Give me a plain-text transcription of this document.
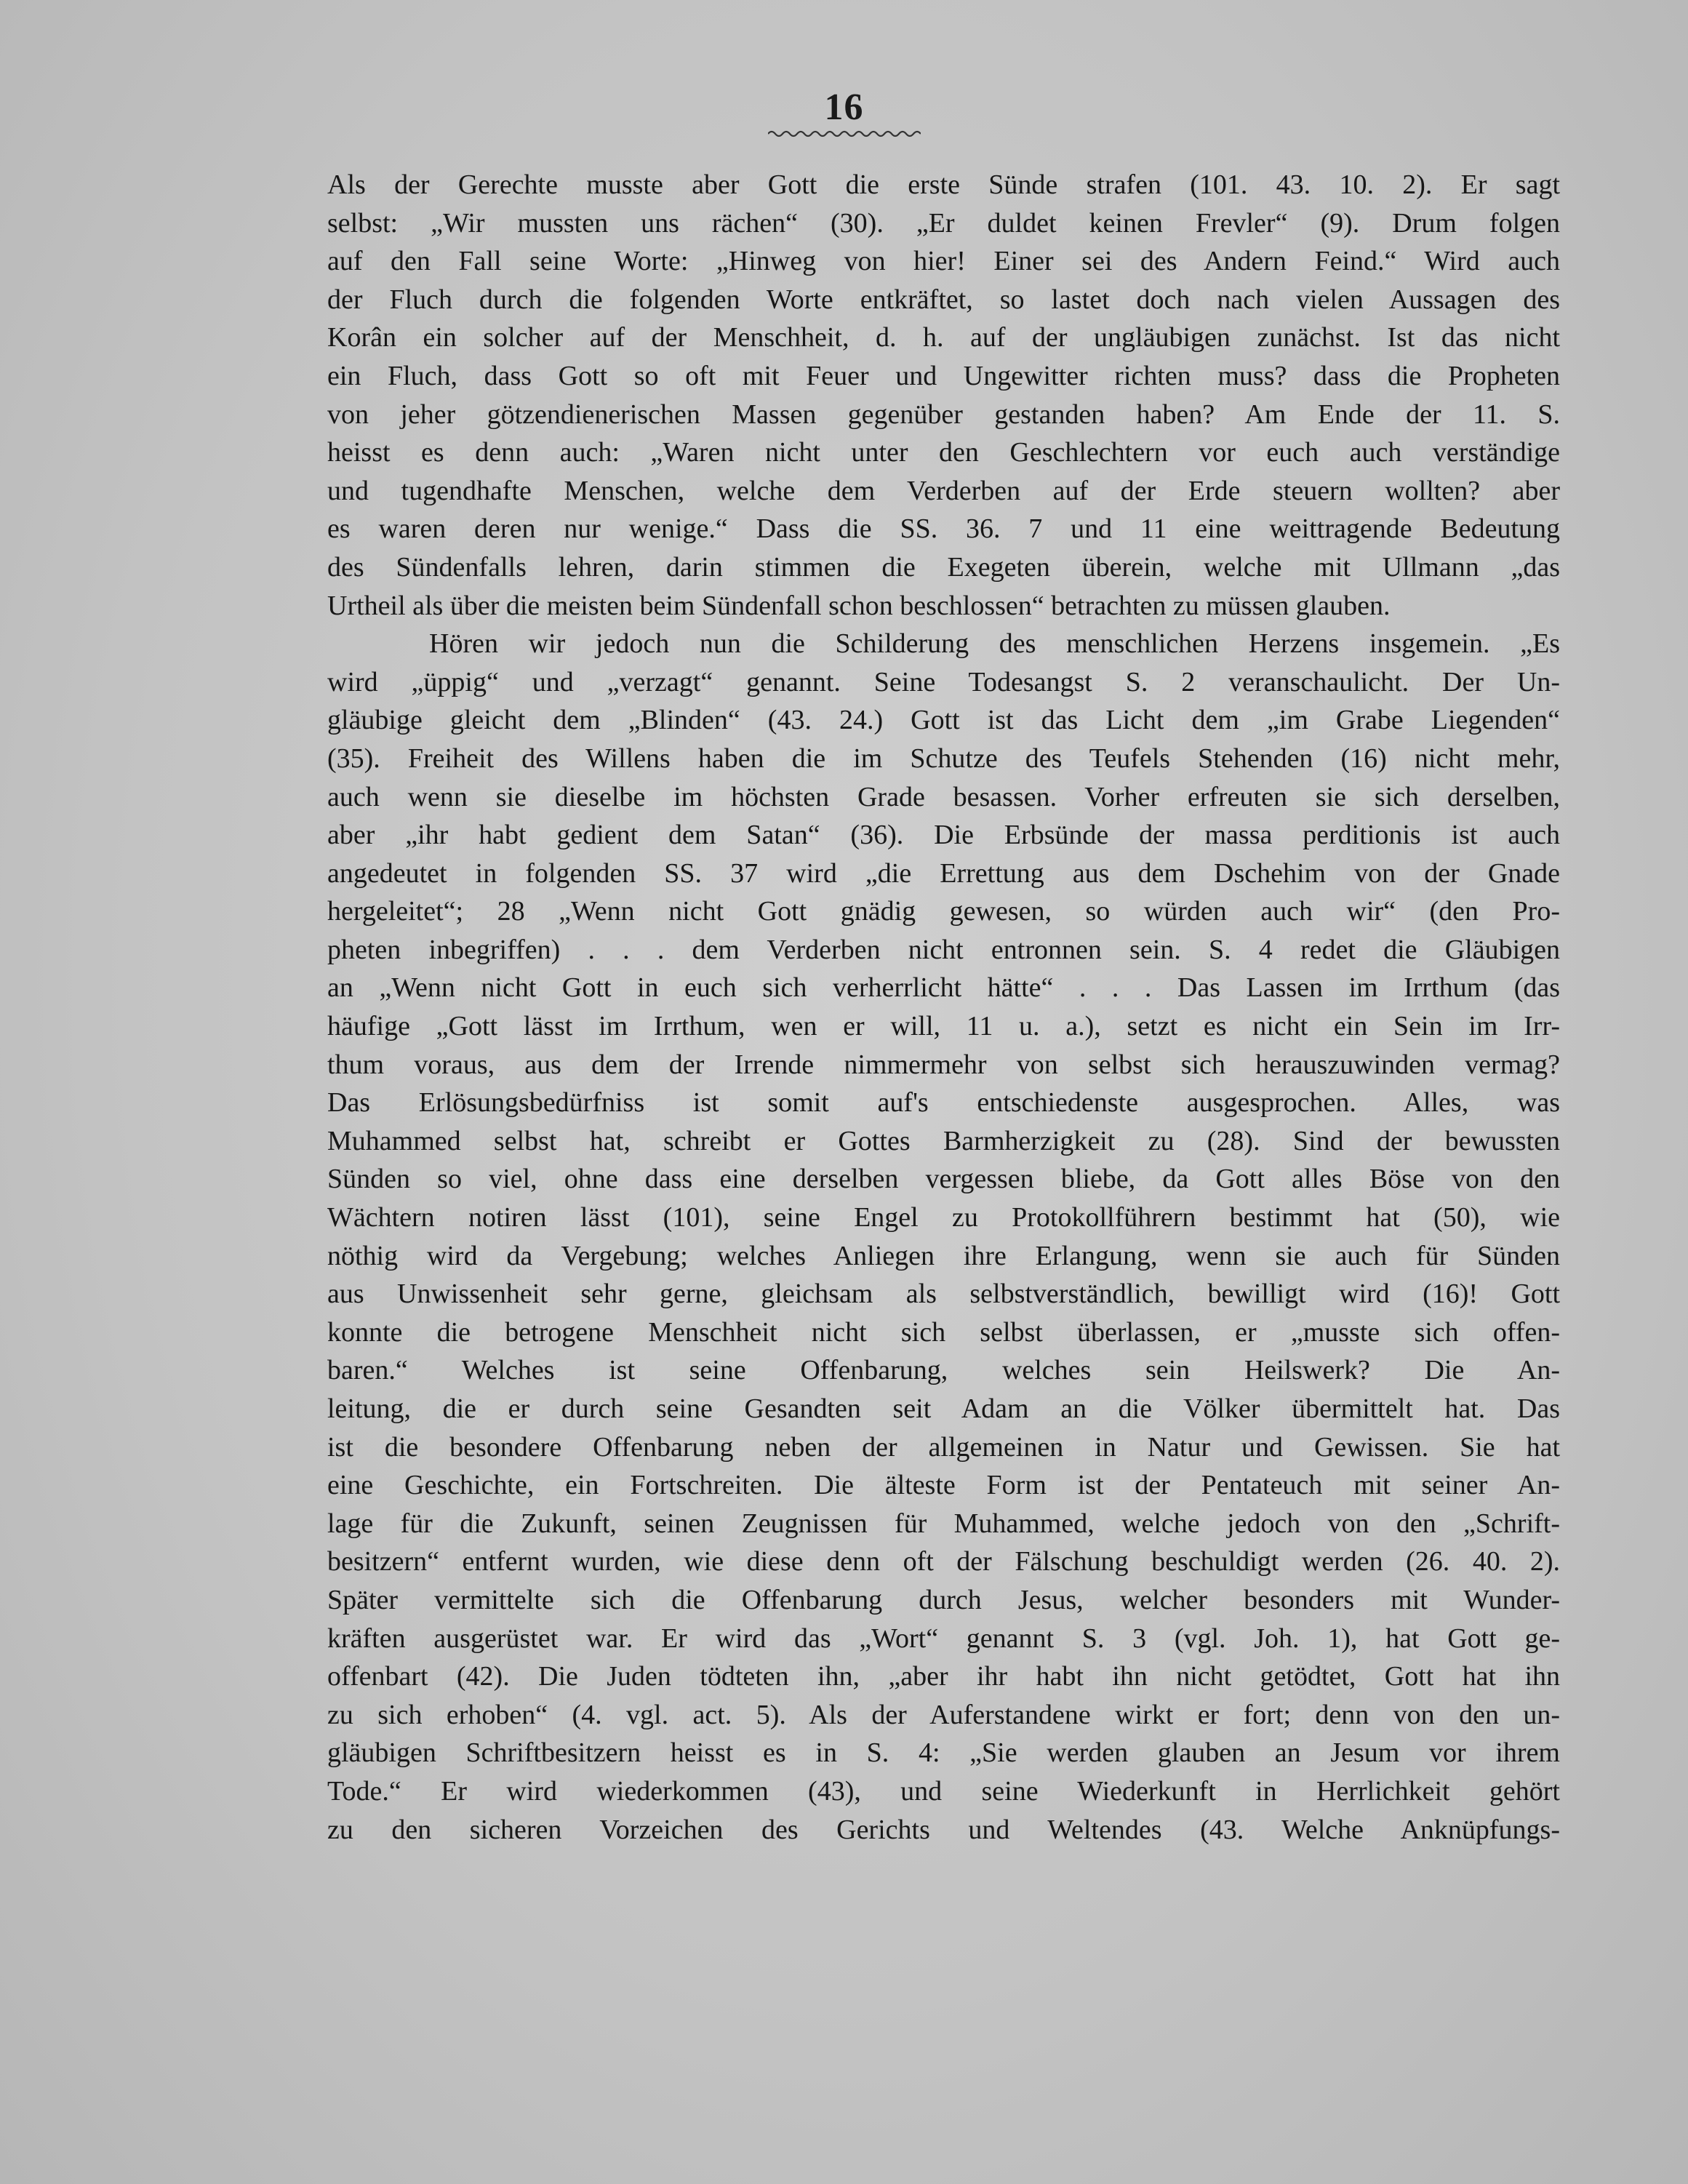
16
Als der Gerechte musste aber Gott die erste Sünde strafen (101. 43. 10. 2). Er sagt
selbst: „Wir mussten uns rächen“ (30). „Er duldet keinen Frevler“ (9). Drum folgen
auf den Fall seine Worte: „Hinweg von hier! Einer sei des Andern Feind.“ Wird auch
der Fluch durch die folgenden Worte entkräftet, so lastet doch nach vielen Aussagen des
Korân ein solcher auf der Menschheit, d. h. auf der ungläubigen zunächst. Ist das nicht
ein Fluch, dass Gott so oft mit Feuer und Ungewitter richten muss? dass die Propheten
von jeher götzendienerischen Massen gegenüber gestanden haben? Am Ende der 11. S.
heisst es denn auch: „Waren nicht unter den Geschlechtern vor euch auch verständige
und tugendhafte Menschen, welche dem Verderben auf der Erde steuern wollten? aber
es waren deren nur wenige.“ Dass die SS. 36. 7 und 11 eine weittragende Bedeutung
des Sündenfalls lehren, darin stimmen die Exegeten überein, welche mit Ullmann „das
Urtheil als über die meisten beim Sündenfall schon beschlossen“ betrachten zu müssen glauben.
Hören wir jedoch nun die Schilderung des menschlichen Herzens insgemein. „Es
wird „üppig“ und „verzagt“ genannt. Seine Todesangst S. 2 veranschaulicht. Der Un-
gläubige gleicht dem „Blinden“ (43. 24.) Gott ist das Licht dem „im Grabe Liegenden“
(35). Freiheit des Willens haben die im Schutze des Teufels Stehenden (16) nicht mehr,
auch wenn sie dieselbe im höchsten Grade besassen. Vorher erfreuten sie sich derselben,
aber „ihr habt gedient dem Satan“ (36). Die Erbsünde der massa perditionis ist auch
angedeutet in folgenden SS. 37 wird „die Errettung aus dem Dschehim von der Gnade
hergeleitet“; 28 „Wenn nicht Gott gnädig gewesen, so würden auch wir“ (den Pro-
pheten inbegriffen) . . . dem Verderben nicht entronnen sein. S. 4 redet die Gläubigen
an „Wenn nicht Gott in euch sich verherrlicht hätte“ . . . Das Lassen im Irrthum (das
häufige „Gott lässt im Irrthum, wen er will, 11 u. a.), setzt es nicht ein Sein im Irr-
thum voraus, aus dem der Irrende nimmermehr von selbst sich herauszuwinden vermag?
Das Erlösungsbedürfniss ist somit auf's entschiedenste ausgesprochen. Alles, was
Muhammed selbst hat, schreibt er Gottes Barmherzigkeit zu (28). Sind der bewussten
Sünden so viel, ohne dass eine derselben vergessen bliebe, da Gott alles Böse von den
Wächtern notiren lässt (101), seine Engel zu Protokollführern bestimmt hat (50), wie
nöthig wird da Vergebung; welches Anliegen ihre Erlangung, wenn sie auch für Sünden
aus Unwissenheit sehr gerne, gleichsam als selbstverständlich, bewilligt wird (16)! Gott
konnte die betrogene Menschheit nicht sich selbst überlassen, er „musste sich offen-
baren.“ Welches ist seine Offenbarung, welches sein Heilswerk? Die An-
leitung, die er durch seine Gesandten seit Adam an die Völker übermittelt hat. Das
ist die besondere Offenbarung neben der allgemeinen in Natur und Gewissen. Sie hat
eine Geschichte, ein Fortschreiten. Die älteste Form ist der Pentateuch mit seiner An-
lage für die Zukunft, seinen Zeugnissen für Muhammed, welche jedoch von den „Schrift-
besitzern“ entfernt wurden, wie diese denn oft der Fälschung beschuldigt werden (26. 40. 2).
Später vermittelte sich die Offenbarung durch Jesus, welcher besonders mit Wunder-
kräften ausgerüstet war. Er wird das „Wort“ genannt S. 3 (vgl. Joh. 1), hat Gott ge-
offenbart (42). Die Juden tödteten ihn, „aber ihr habt ihn nicht getödtet, Gott hat ihn
zu sich erhoben“ (4. vgl. act. 5). Als der Auferstandene wirkt er fort; denn von den un-
gläubigen Schriftbesitzern heisst es in S. 4: „Sie werden glauben an Jesum vor ihrem
Tode.“ Er wird wiederkommen (43), und seine Wiederkunft in Herrlichkeit gehört
zu den sicheren Vorzeichen des Gerichts und Weltendes (43. Welche Anknüpfungs-
